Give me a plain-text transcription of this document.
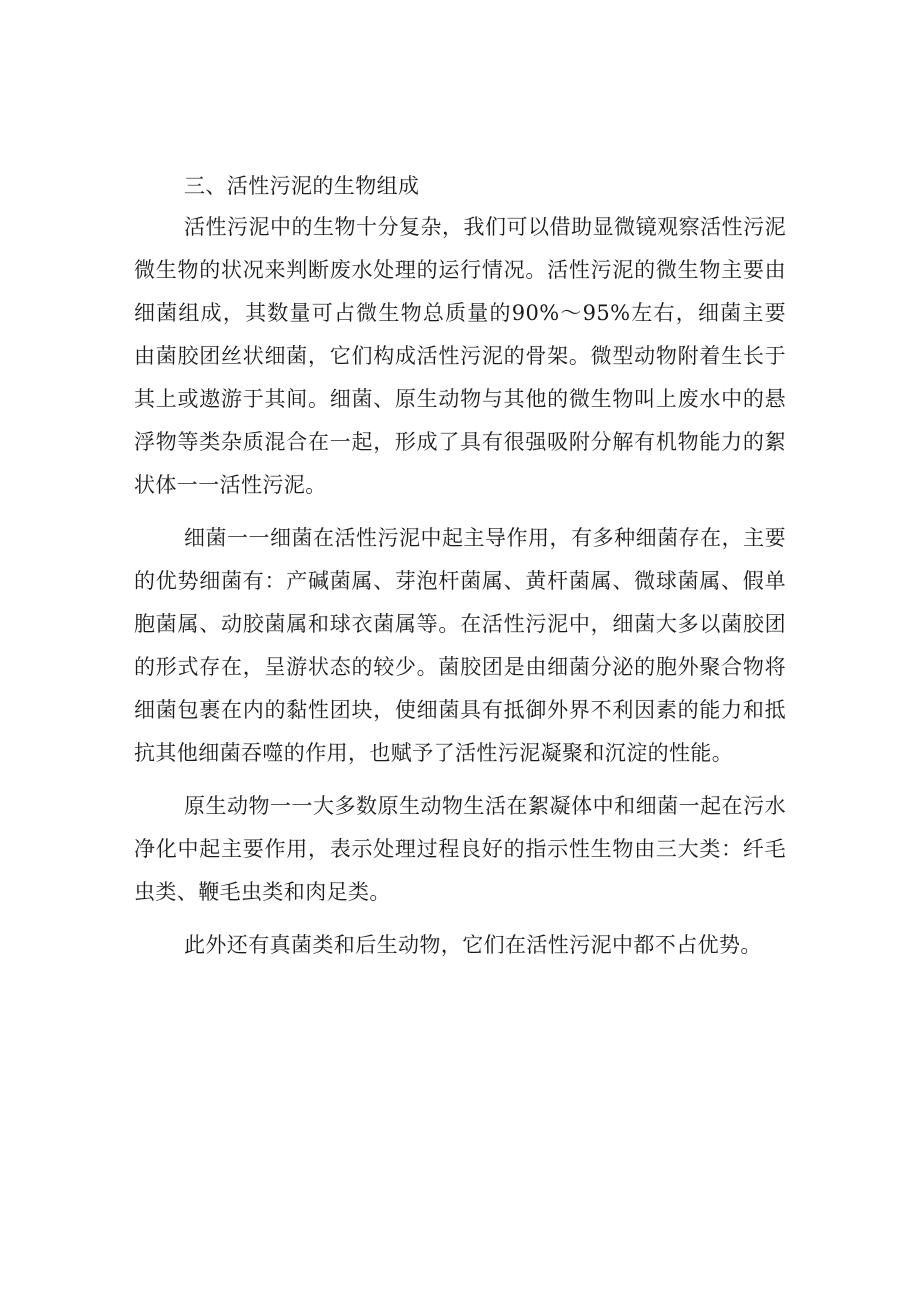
三、活性污泥的生物组成

活性污泥中的生物十分复杂，我们可以借助显微镜观察活性污泥微生物的状况来判断废水处理的运行情况。活性污泥的微生物主要由细菌组成，其数量可占微生物总质量的90%～95%左右，细菌主要由菌胶团丝状细菌，它们构成活性污泥的骨架。微型动物附着生长于其上或遨游于其间。细菌、原生动物与其他的微生物叫上废水中的悬浮物等类杂质混合在一起，形成了具有很强吸附分解有机物能力的絮状体一一活性污泥。

细菌一一细菌在活性污泥中起主导作用，有多种细菌存在，主要的优势细菌有：产碱菌属、芽泡杆菌属、黄杆菌属、微球菌属、假单胞菌属、动胶菌属和球衣菌属等。在活性污泥中，细菌大多以菌胶团的形式存在，呈游状态的较少。菌胶团是由细菌分泌的胞外聚合物将细菌包裹在内的黏性团块，使细菌具有抵御外界不利因素的能力和抵抗其他细菌吞噬的作用，也赋予了活性污泥凝聚和沉淀的性能。

原生动物一一大多数原生动物生活在絮凝体中和细菌一起在污水净化中起主要作用，表示处理过程良好的指示性生物由三大类：纤毛虫类、鞭毛虫类和肉足类。

此外还有真菌类和后生动物，它们在活性污泥中都不占优势。
